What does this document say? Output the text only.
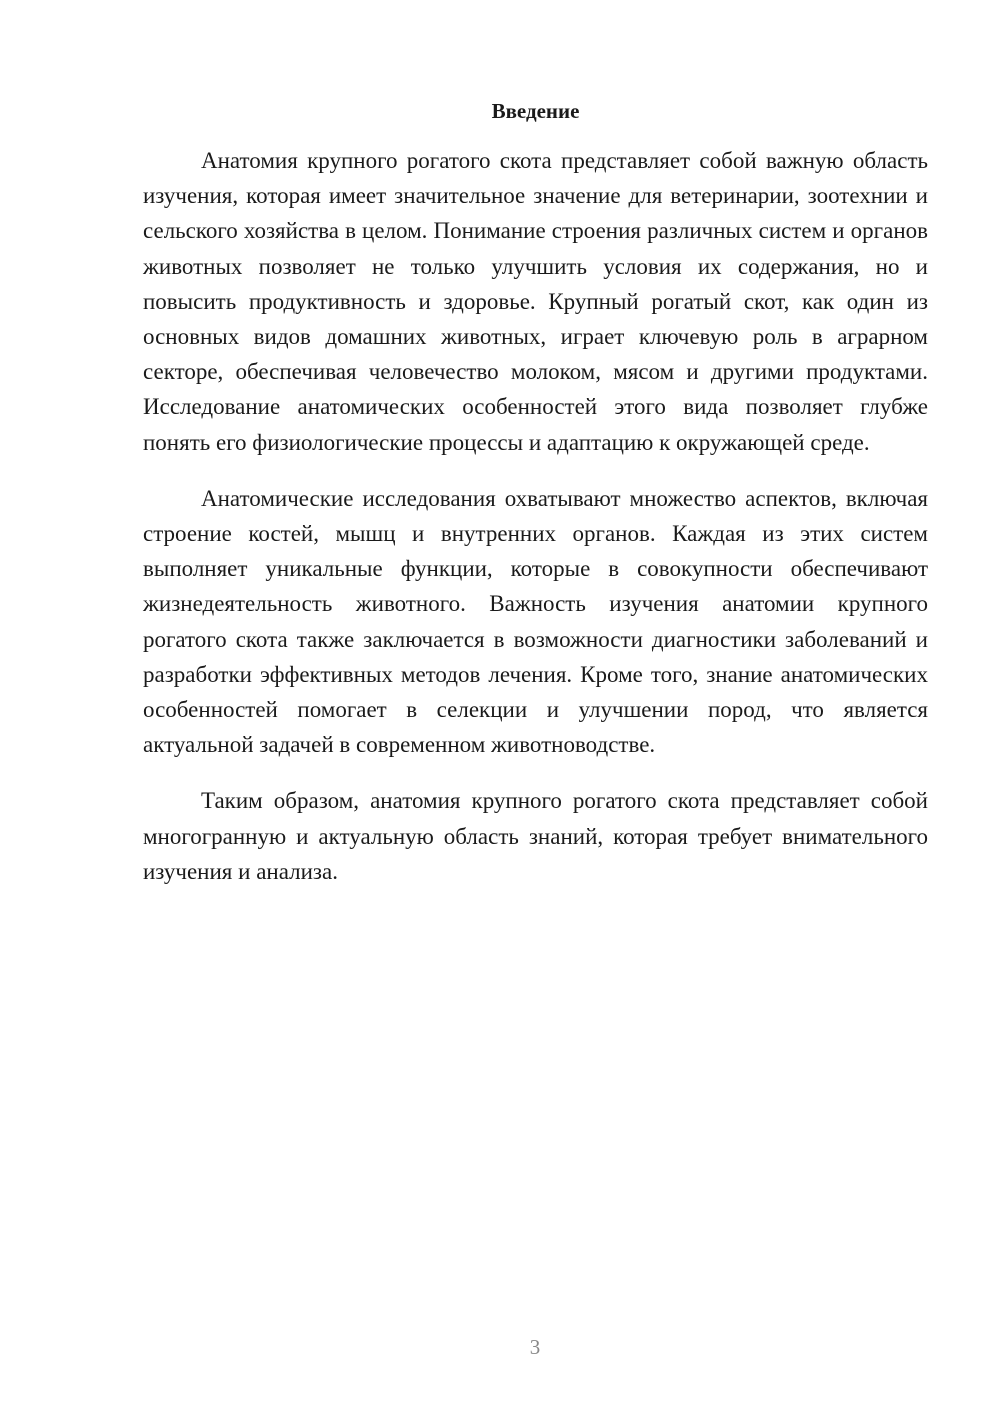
Введение

Анатомия крупного рогатого скота представляет собой важную область изучения, которая имеет значительное значение для ветеринарии, зоотехнии и сельского хозяйства в целом. Понимание строения различных систем и органов животных позволяет не только улучшить условия их содержания, но и повысить продуктивность и здоровье. Крупный рогатый скот, как один из основных видов домашних животных, играет ключевую роль в аграрном секторе, обеспечивая человечество молоком, мясом и другими продуктами. Исследование анатомических особенностей этого вида позволяет глубже понять его физиологические процессы и адаптацию к окружающей среде.

Анатомические исследования охватывают множество аспектов, включая строение костей, мышц и внутренних органов. Каждая из этих систем выполняет уникальные функции, которые в совокупности обеспечивают жизнедеятельность животного. Важность изучения анатомии крупного рогатого скота также заключается в возможности диагностики заболеваний и разработки эффективных методов лечения. Кроме того, знание анатомических особенностей помогает в селекции и улучшении пород, что является актуальной задачей в современном животноводстве.

Таким образом, анатомия крупного рогатого скота представляет собой многогранную и актуальную область знаний, которая требует внимательного изучения и анализа.

3
